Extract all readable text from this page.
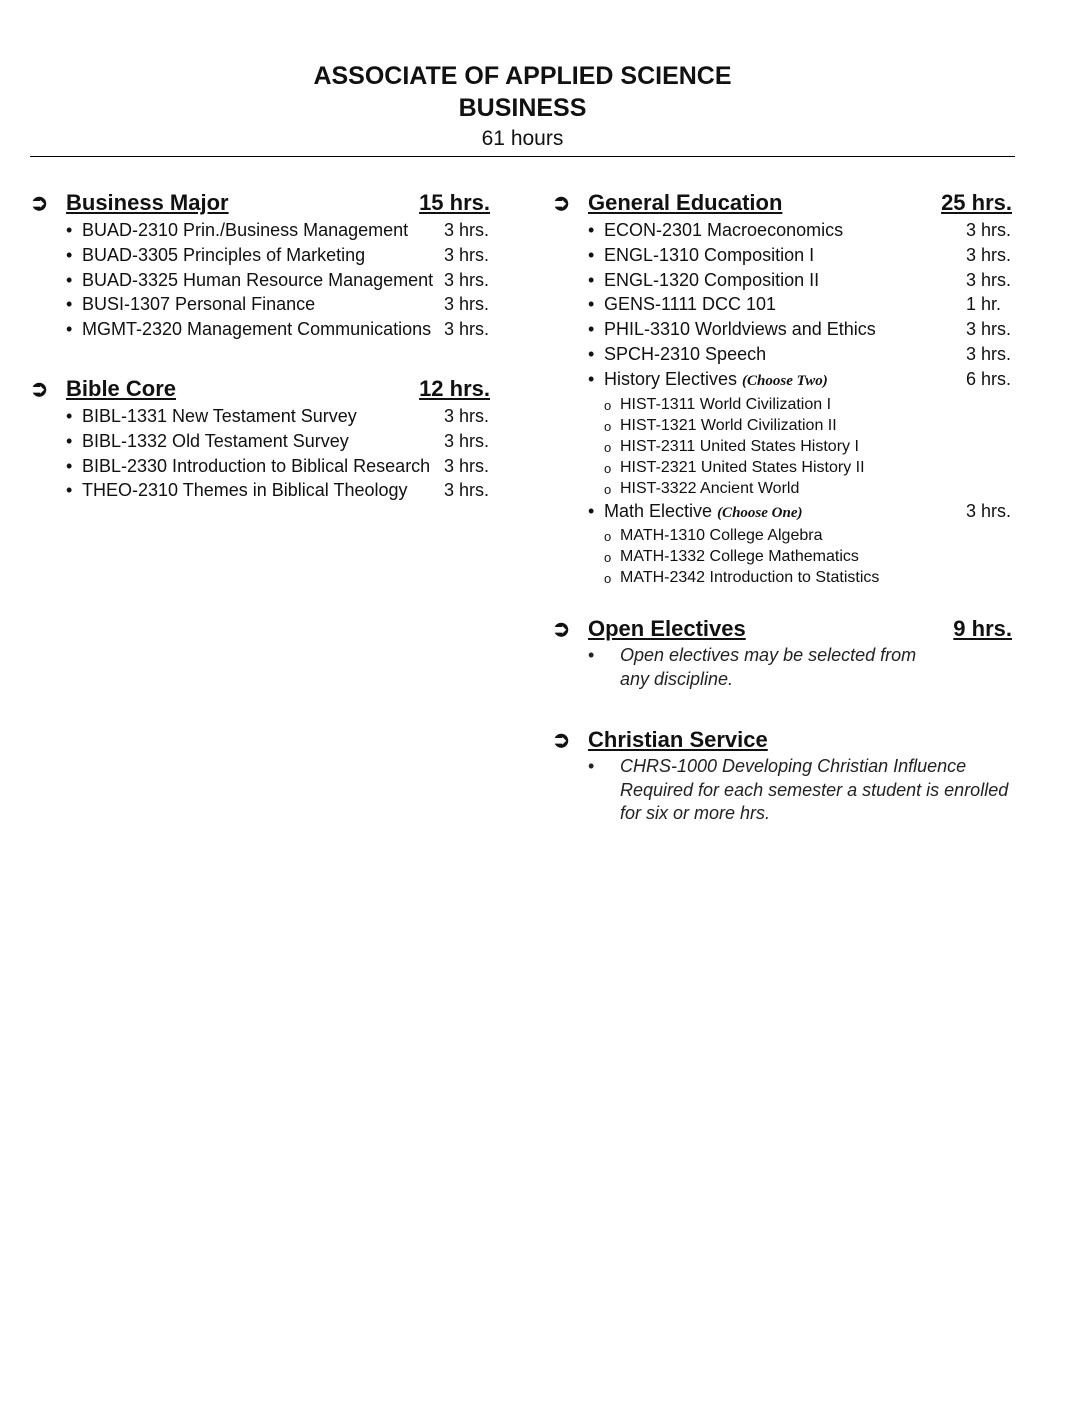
ASSOCIATE OF APPLIED SCIENCE
BUSINESS
61 hours
➲ Business Major	15 hrs.
• BUAD-2310 Prin./Business Management	3 hrs.
• BUAD-3305 Principles of Marketing	3 hrs.
• BUAD-3325 Human Resource Management 3 hrs.
• BUSI-1307 Personal Finance	3 hrs.
• MGMT-2320 Management Communications 3 hrs.
➲ Bible Core	12 hrs.
• BIBL-1331 New Testament Survey	3 hrs.
• BIBL-1332 Old Testament Survey	3 hrs.
• BIBL-2330 Introduction to Biblical Research 3 hrs.
• THEO-2310 Themes in Biblical Theology	3 hrs.
➲ General Education	25 hrs.
• ECON-2301 Macroeconomics	3 hrs.
• ENGL-1310 Composition I	3 hrs.
• ENGL-1320 Composition II	3 hrs.
• GENS-1111 DCC 101	1 hr.
• PHIL-3310 Worldviews and Ethics	3 hrs.
• SPCH-2310 Speech	3 hrs.
• History Electives (Choose Two)	6 hrs.
o HIST-1311 World Civilization I
o HIST-1321 World Civilization II
o HIST-2311 United States History I
o HIST-2321 United States History II
o HIST-3322 Ancient World
• Math Elective (Choose One)	3 hrs.
o MATH-1310 College Algebra
o MATH-1332 College Mathematics
o MATH-2342 Introduction to Statistics
➲ Open Electives	9 hrs.
• Open electives may be selected from
any discipline.
➲ Christian Service
• CHRS-1000 Developing Christian Influence
Required for each semester a student is enrolled
for six or more hrs.
